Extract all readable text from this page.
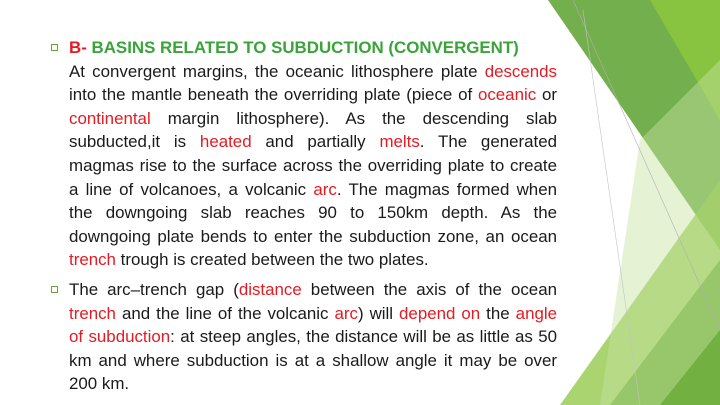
B- BASINS RELATED TO SUBDUCTION (CONVERGENT)
At convergent margins, the oceanic lithosphere plate descends into the mantle beneath the overriding plate (piece of oceanic or continental margin lithosphere). As the descending slab subducted,it is heated and partially melts. The generated magmas rise to the surface across the overriding plate to create a line of volcanoes, a volcanic arc. The magmas formed when the downgoing slab reaches 90 to 150km depth. As the downgoing plate bends to enter the subduction zone, an ocean trench trough is created between the two plates.

The arc–trench gap (distance between the axis of the ocean trench and the line of the volcanic arc) will depend on the angle of subduction: at steep angles, the distance will be as little as 50 km and where subduction is at a shallow angle it may be over 200 km.
